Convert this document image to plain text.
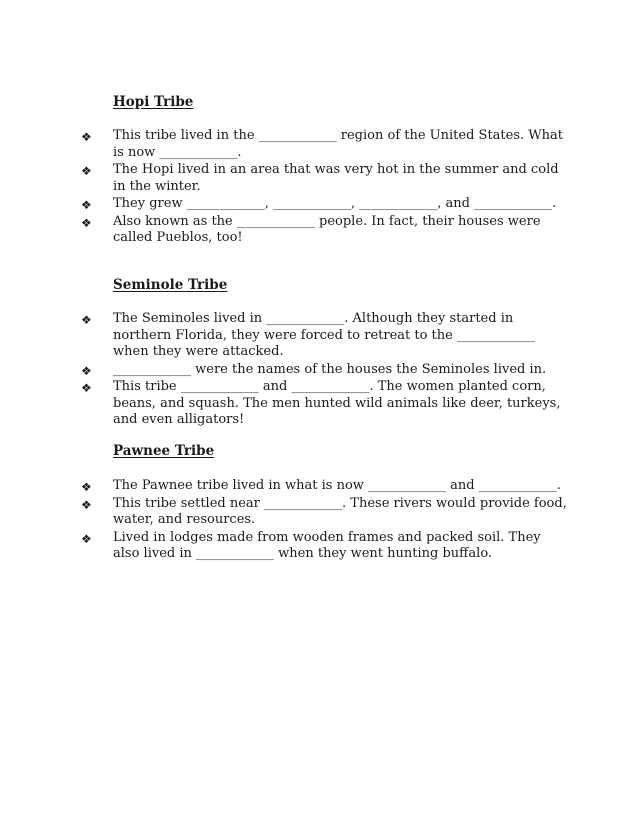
Hopi Tribe
❖ This tribe lived in the ____________ region of the United States. What is now ____________.
❖ The Hopi lived in an area that was very hot in the summer and cold in the winter.
❖ They grew ____________, ____________, ____________, and ____________.
❖ Also known as the ____________ people. In fact, their houses were called Pueblos, too!
Seminole Tribe
❖ The Seminoles lived in ____________. Although they started in northern Florida, they were forced to retreat to the ____________ when they were attacked.
❖ ____________ were the names of the houses the Seminoles lived in.
❖ This tribe ____________ and ____________. The women planted corn, beans, and squash. The men hunted wild animals like deer, turkeys, and even alligators!
Pawnee Tribe
❖ The Pawnee tribe lived in what is now ____________ and ____________.
❖ This tribe settled near ____________. These rivers would provide food, water, and resources.
❖ Lived in lodges made from wooden frames and packed soil. They also lived in ____________ when they went hunting buffalo.
